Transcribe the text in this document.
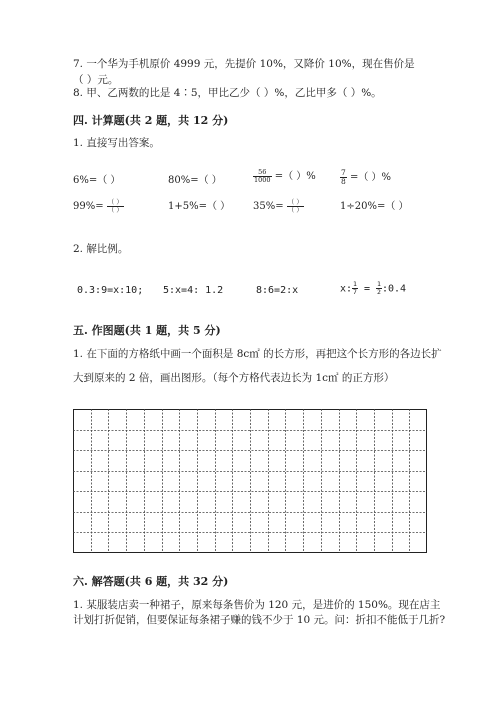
7. 一个华为手机原价 4999 元，先提价 10%，又降价 10%，现在售价是
（ ）元。
8. 甲、乙两数的比是 4∶5，甲比乙少（ ）%，乙比甲多（ ）%。
四. 计算题(共 2 题，共 12 分)
1. 直接写出答案。
6%=（ ）	80%=（ ）	$\frac{56}{1000}$ =（ ）%	$\frac{7}{8}$ =（ ）%
$99\%= \frac{( )}{( )}$	1+5%=（ ） $35\%= \frac{( )}{( )}$	1÷20%=（ ）
2. 解比例。
0.3:9=x:10; 5:x=4: 1.2	8:6=2:x	x: $\frac{1}{7} = \frac{1}{2}$ :0.4
五. 作图题(共 1 题，共 5 分)
1. 在下面的方格纸中画一个面积是 8c㎡ 的长方形，再把这个长方形的各边长扩
大到原来的 2 倍，画出图形。（每个方格代表边长为 1c㎡ 的正方形）
六. 解答题(共 6 题，共 32 分)
1. 某服装店卖一种裙子，原来每条售价为 120 元，是进价的 150%。现在店主
计划打折促销，但要保证每条裙子赚的钱不少于 10 元。问：折扣不能低于几折?
